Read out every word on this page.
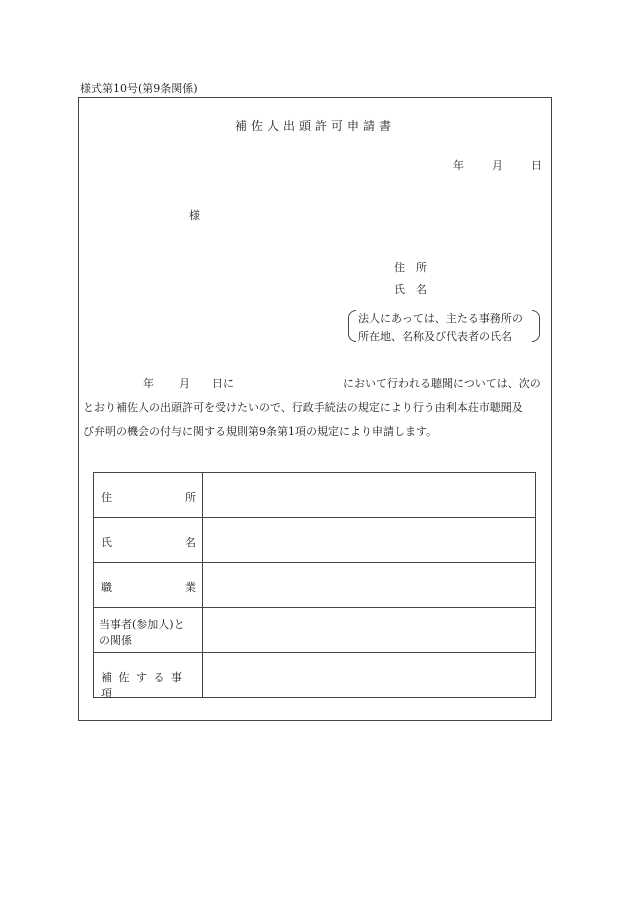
様式第10号(第9条関係)
補佐人出頭許可申請書
年	月	日
様
住　所
氏　名
法人にあっては、主たる事務所の
所在地、名称及び代表者の氏名
年 月 日に	において行われる聴聞については、次の
とおり補佐人の出頭許可を受けたいので、行政手続法の規定により行う由利本荘市聴聞及
び弁明の機会の付与に関する規則第9条第1項の規定により申請します。
住	所
氏	名
職	業
当事者(参加人)と
の関係
補佐する事項
